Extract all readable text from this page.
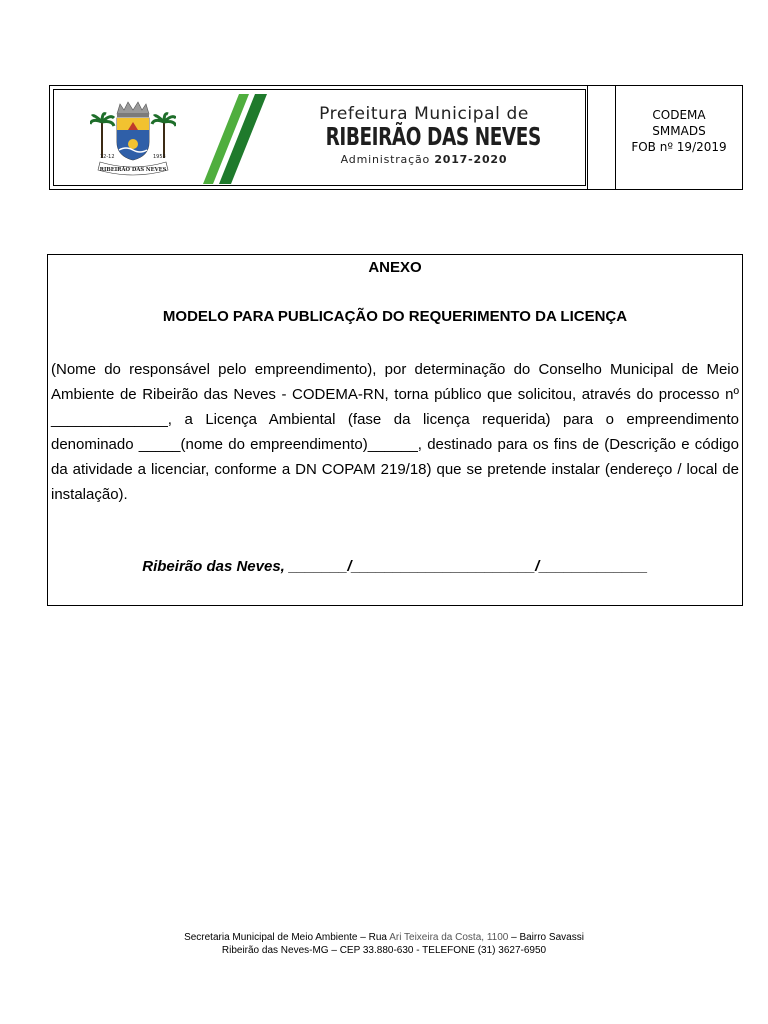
12-12	1953
RIBEIRÃO DAS NEVES
Prefeitura Municipal de
RIBEIRÃO DAS NEVES
Administração 2017-2020
CODEMA
SMMADS
FOB nº 19/2019
ANEXO
MODELO PARA PUBLICAÇÃO DO REQUERIMENTO DA LICENÇA
(Nome do responsável pelo empreendimento), por determinação do Conselho Municipal de Meio Ambiente de Ribeirão das Neves - CODEMA-RN, torna público que solicitou, através do processo nº ______________, a Licença Ambiental (fase da licença requerida) para o empreendimento denominado _____(nome do empreendimento)______, destinado para os fins de (Descrição e código da atividade a licenciar, conforme a DN COPAM 219/18) que se pretende instalar (endereço / local de instalação).
Ribeirão das Neves, _______/______________________/_____________
Secretaria Municipal de Meio Ambiente – Rua Ari Teixeira da Costa, 1100 – Bairro Savassi
Ribeirão das Neves-MG – CEP 33.880-630 - TELEFONE (31) 3627-6950
